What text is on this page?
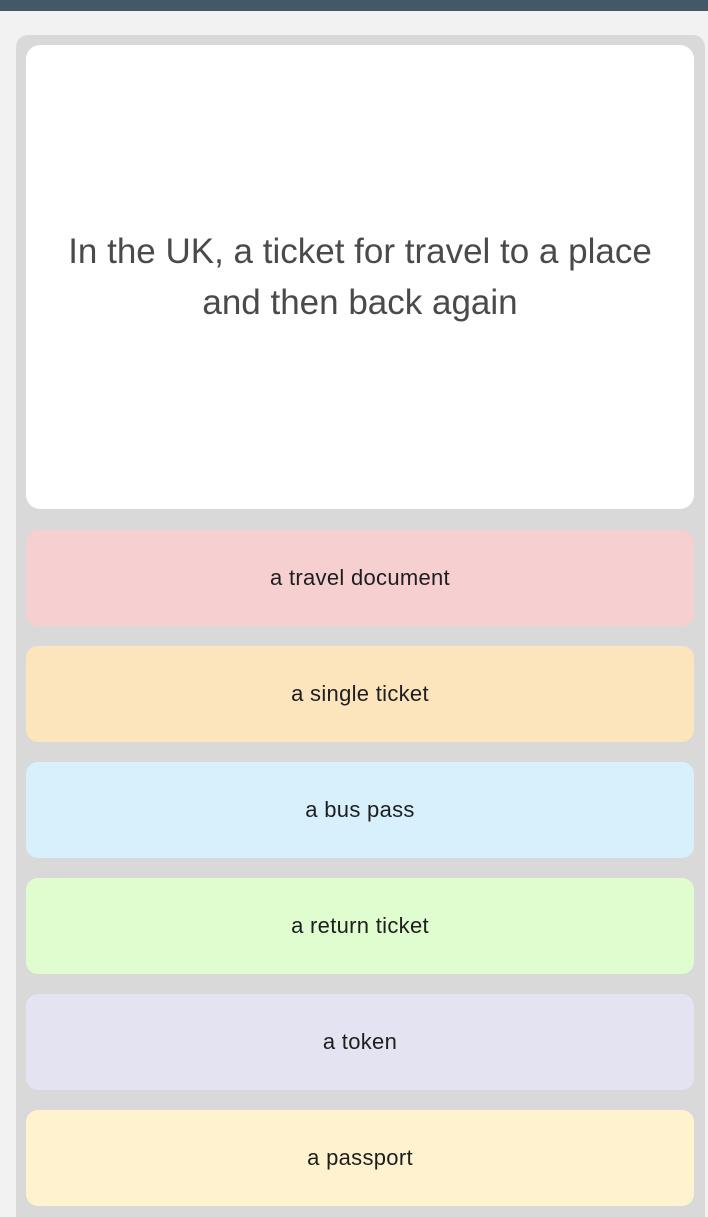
In the UK, a ticket for travel to a place and then back again
a travel document
a single ticket
a bus pass
a return ticket
a token
a passport
